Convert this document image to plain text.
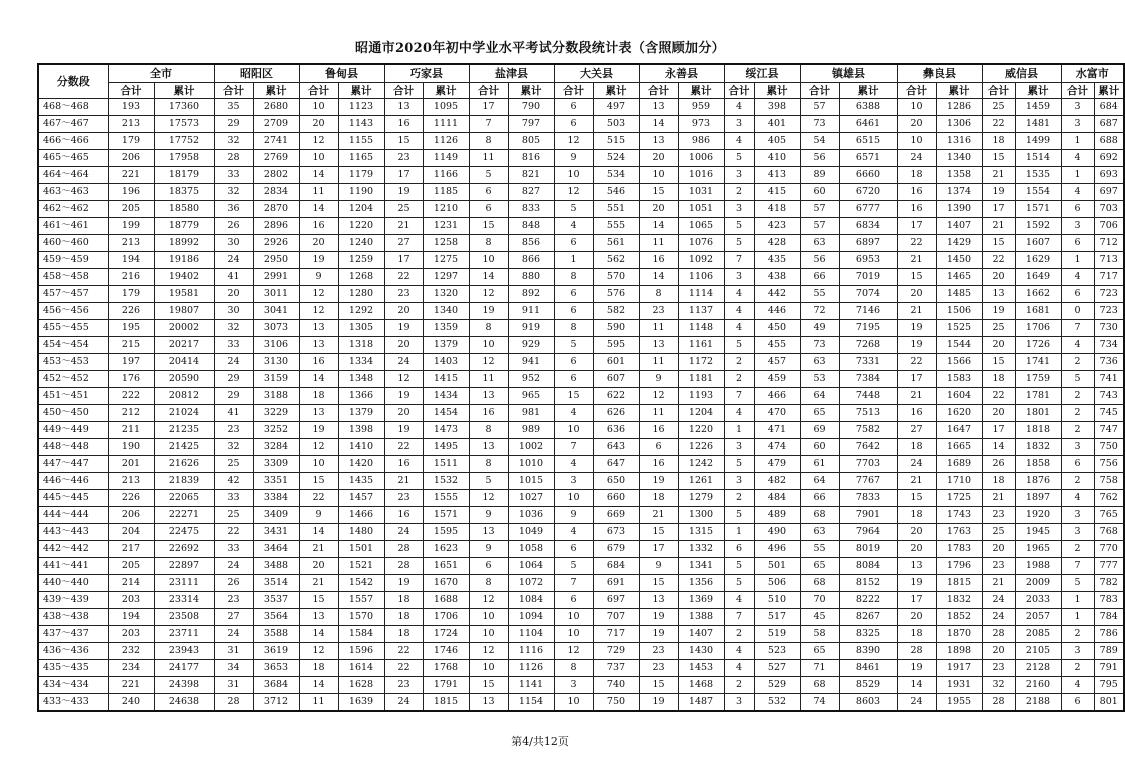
昭通市2020年初中学业水平考试分数段统计表（含照顾加分）
分数段	全市		昭阳区		鲁甸县		巧家县		盐津县		大关县		永善县		绥江县		镇雄县		彝良县		威信县		水富市	
	合计	累计	合计	累计	合计	累计	合计	累计	合计	累计	合计	累计	合计	累计	合计	累计	合计	累计	合计	累计	合计	累计	合计	累计
468～468	193	17360	35	2680	10	1123	13	1095	17	790	6	497	13	959	4	398	57	6388	10	1286	25	1459	3	684
467～467	213	17573	29	2709	20	1143	16	1111	7	797	6	503	14	973	3	401	73	6461	20	1306	22	1481	3	687
466～466	179	17752	32	2741	12	1155	15	1126	8	805	12	515	13	986	4	405	54	6515	10	1316	18	1499	1	688
465～465	206	17958	28	2769	10	1165	23	1149	11	816	9	524	20	1006	5	410	56	6571	24	1340	15	1514	4	692
464～464	221	18179	33	2802	14	1179	17	1166	5	821	10	534	10	1016	3	413	89	6660	18	1358	21	1535	1	693
463～463	196	18375	32	2834	11	1190	19	1185	6	827	12	546	15	1031	2	415	60	6720	16	1374	19	1554	4	697
462～462	205	18580	36	2870	14	1204	25	1210	6	833	5	551	20	1051	3	418	57	6777	16	1390	17	1571	6	703
461～461	199	18779	26	2896	16	1220	21	1231	15	848	4	555	14	1065	5	423	57	6834	17	1407	21	1592	3	706
460～460	213	18992	30	2926	20	1240	27	1258	8	856	6	561	11	1076	5	428	63	6897	22	1429	15	1607	6	712
459～459	194	19186	24	2950	19	1259	17	1275	10	866	1	562	16	1092	7	435	56	6953	21	1450	22	1629	1	713
458～458	216	19402	41	2991	9	1268	22	1297	14	880	8	570	14	1106	3	438	66	7019	15	1465	20	1649	4	717
457～457	179	19581	20	3011	12	1280	23	1320	12	892	6	576	8	1114	4	442	55	7074	20	1485	13	1662	6	723
456～456	226	19807	30	3041	12	1292	20	1340	19	911	6	582	23	1137	4	446	72	7146	21	1506	19	1681	0	723
455～455	195	20002	32	3073	13	1305	19	1359	8	919	8	590	11	1148	4	450	49	7195	19	1525	25	1706	7	730
454～454	215	20217	33	3106	13	1318	20	1379	10	929	5	595	13	1161	5	455	73	7268	19	1544	20	1726	4	734
453～453	197	20414	24	3130	16	1334	24	1403	12	941	6	601	11	1172	2	457	63	7331	22	1566	15	1741	2	736
452～452	176	20590	29	3159	14	1348	12	1415	11	952	6	607	9	1181	2	459	53	7384	17	1583	18	1759	5	741
451～451	222	20812	29	3188	18	1366	19	1434	13	965	15	622	12	1193	7	466	64	7448	21	1604	22	1781	2	743
450～450	212	21024	41	3229	13	1379	20	1454	16	981	4	626	11	1204	4	470	65	7513	16	1620	20	1801	2	745
449～449	211	21235	23	3252	19	1398	19	1473	8	989	10	636	16	1220	1	471	69	7582	27	1647	17	1818	2	747
448～448	190	21425	32	3284	12	1410	22	1495	13	1002	7	643	6	1226	3	474	60	7642	18	1665	14	1832	3	750
447～447	201	21626	25	3309	10	1420	16	1511	8	1010	4	647	16	1242	5	479	61	7703	24	1689	26	1858	6	756
446～446	213	21839	42	3351	15	1435	21	1532	5	1015	3	650	19	1261	3	482	64	7767	21	1710	18	1876	2	758
445～445	226	22065	33	3384	22	1457	23	1555	12	1027	10	660	18	1279	2	484	66	7833	15	1725	21	1897	4	762
444～444	206	22271	25	3409	9	1466	16	1571	9	1036	9	669	21	1300	5	489	68	7901	18	1743	23	1920	3	765
443～443	204	22475	22	3431	14	1480	24	1595	13	1049	4	673	15	1315	1	490	63	7964	20	1763	25	1945	3	768
442～442	217	22692	33	3464	21	1501	28	1623	9	1058	6	679	17	1332	6	496	55	8019	20	1783	20	1965	2	770
441～441	205	22897	24	3488	20	1521	28	1651	6	1064	5	684	9	1341	5	501	65	8084	13	1796	23	1988	7	777
440～440	214	23111	26	3514	21	1542	19	1670	8	1072	7	691	15	1356	5	506	68	8152	19	1815	21	2009	5	782
439～439	203	23314	23	3537	15	1557	18	1688	12	1084	6	697	13	1369	4	510	70	8222	17	1832	24	2033	1	783
438～438	194	23508	27	3564	13	1570	18	1706	10	1094	10	707	19	1388	7	517	45	8267	20	1852	24	2057	1	784
437～437	203	23711	24	3588	14	1584	18	1724	10	1104	10	717	19	1407	2	519	58	8325	18	1870	28	2085	2	786
436～436	232	23943	31	3619	12	1596	22	1746	12	1116	12	729	23	1430	4	523	65	8390	28	1898	20	2105	3	789
435～435	234	24177	34	3653	18	1614	22	1768	10	1126	8	737	23	1453	4	527	71	8461	19	1917	23	2128	2	791
434～434	221	24398	31	3684	14	1628	23	1791	15	1141	3	740	15	1468	2	529	68	8529	14	1931	32	2160	4	795
433～433	240	24638	28	3712	11	1639	24	1815	13	1154	10	750	19	1487	3	532	74	8603	24	1955	28	2188	6	801
第4/共12页
